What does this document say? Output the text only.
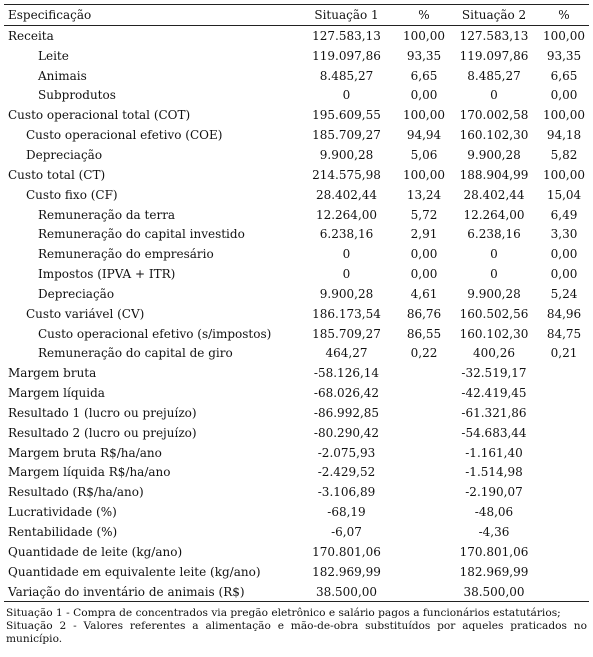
Especificação	Situação 1	%	Situação 2	%
Receita	127.583,13	100,00	127.583,13	100,00
Leite	119.097,86	93,35	119.097,86	93,35
Animais	8.485,27	6,65	8.485,27	6,65
Subprodutos	0	0,00	0	0,00
Custo operacional total (COT)	195.609,55	100,00	170.002,58	100,00
Custo operacional efetivo (COE)	185.709,27	94,94	160.102,30	94,18
Depreciação	9.900,28	5,06	9.900,28	5,82
Custo total (CT)	214.575,98	100,00	188.904,99	100,00
Custo fixo (CF)	28.402,44	13,24	28.402,44	15,04
Remuneração da terra	12.264,00	5,72	12.264,00	6,49
Remuneração do capital investido	6.238,16	2,91	6.238,16	3,30
Remuneração do empresário	0	0,00	0	0,00
Impostos (IPVA + ITR)	0	0,00	0	0,00
Depreciação	9.900,28	4,61	9.900,28	5,24
Custo variável (CV)	186.173,54	86,76	160.502,56	84,96
Custo operacional efetivo (s/impostos)	185.709,27	86,55	160.102,30	84,75
Remuneração do capital de giro	464,27	0,22	400,26	0,21
Margem bruta	-58.126,14		-32.519,17	
Margem líquida	-68.026,42		-42.419,45	
Resultado 1 (lucro ou prejuízo)	-86.992,85		-61.321,86	
Resultado 2 (lucro ou prejuízo)	-80.290,42		-54.683,44	
Margem bruta R$/ha/ano	-2.075,93		-1.161,40	
Margem líquida R$/ha/ano	-2.429,52		-1.514,98	
Resultado (R$/ha/ano)	-3.106,89		-2.190,07	
Lucratividade (%)	-68,19		-48,06	
Rentabilidade (%)	-6,07		-4,36	
Quantidade de leite (kg/ano)	170.801,06		170.801,06	
Quantidade em equivalente leite (kg/ano)	182.969,99		182.969,99	
Variação do inventário de animais (R$)	38.500,00		38.500,00	
Situação 1 - Compra de concentrados via pregão eletrônico e salário pagos a funcionários estatutários;
Situação 2 - Valores referentes a alimentação e mão-de-obra substituídos por aqueles praticados no município.
